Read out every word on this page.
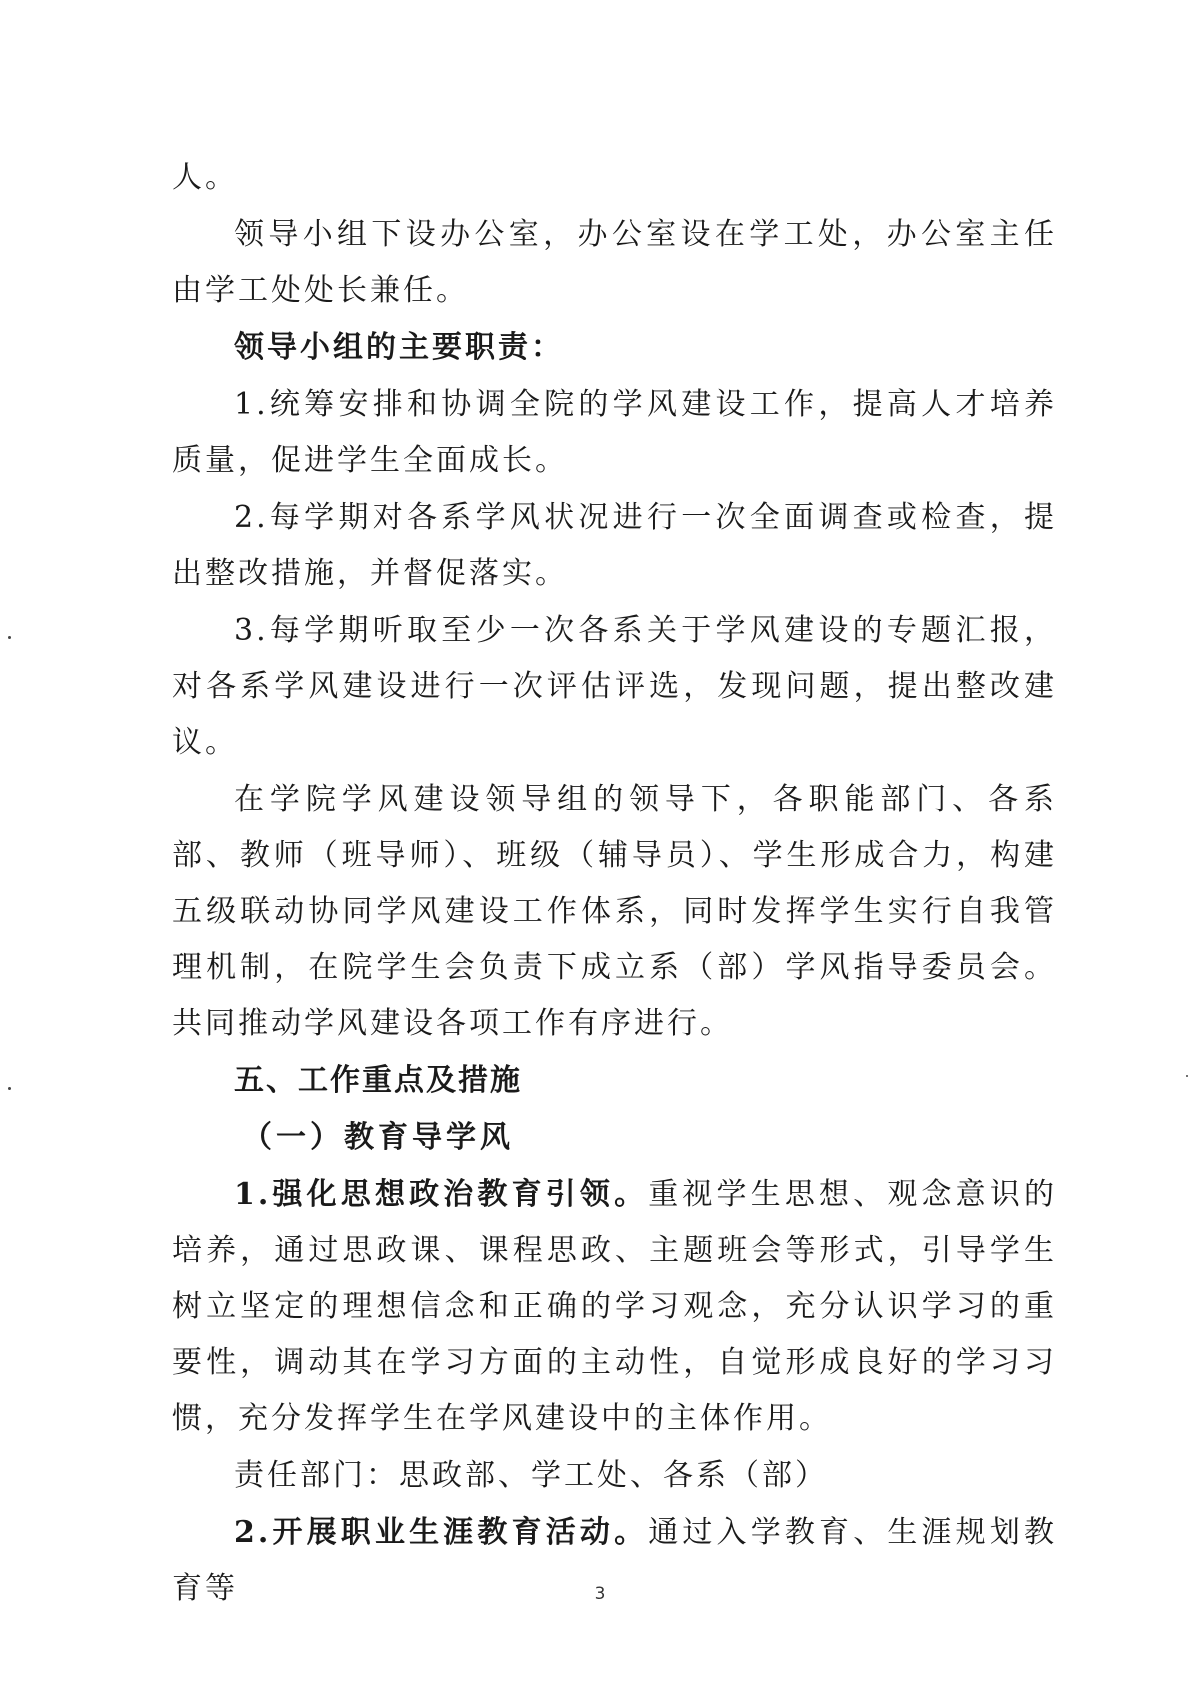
人。

领导小组下设办公室，办公室设在学工处，办公室主任由学工处处长兼任。

领导小组的主要职责：

1.统筹安排和协调全院的学风建设工作，提高人才培养质量，促进学生全面成长。

2.每学期对各系学风状况进行一次全面调查或检查，提出整改措施，并督促落实。

3.每学期听取至少一次各系关于学风建设的专题汇报，对各系学风建设进行一次评估评选，发现问题，提出整改建议。

在学院学风建设领导组的领导下，各职能部门、各系部、教师（班导师）、班级（辅导员）、学生形成合力，构建五级联动协同学风建设工作体系，同时发挥学生实行自我管理机制，在院学生会负责下成立系（部）学风指导委员会。共同推动学风建设各项工作有序进行。

五、工作重点及措施

（一）教育导学风

1.强化思想政治教育引领。重视学生思想、观念意识的培养，通过思政课、课程思政、主题班会等形式，引导学生树立坚定的理想信念和正确的学习观念，充分认识学习的重要性，调动其在学习方面的主动性，自觉形成良好的学习习惯，充分发挥学生在学风建设中的主体作用。

责任部门：思政部、学工处、各系（部）

2.开展职业生涯教育活动。通过入学教育、生涯规划教育等	3
